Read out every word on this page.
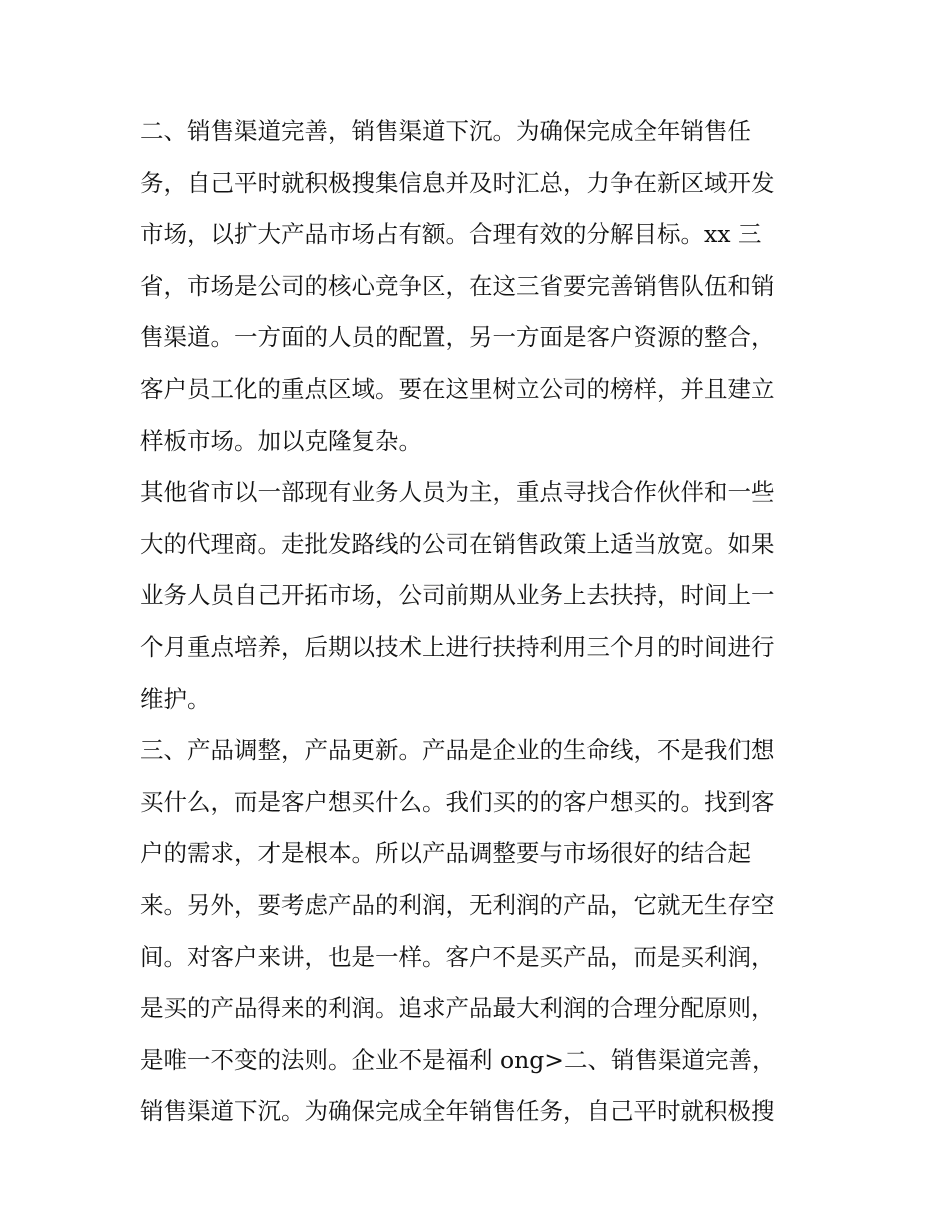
二、销售渠道完善，销售渠道下沉。为确保完成全年销售任
务，自己平时就积极搜集信息并及时汇总，力争在新区域开发
市场，以扩大产品市场占有额。合理有效的分解目标。xx 三
省，市场是公司的核心竞争区，在这三省要完善销售队伍和销
售渠道。一方面的人员的配置，另一方面是客户资源的整合，
客户员工化的重点区域。要在这里树立公司的榜样，并且建立
样板市场。加以克隆复杂。
其他省市以一部现有业务人员为主，重点寻找合作伙伴和一些
大的代理商。走批发路线的公司在销售政策上适当放宽。如果
业务人员自己开拓市场，公司前期从业务上去扶持，时间上一
个月重点培养，后期以技术上进行扶持利用三个月的时间进行
维护。
三、产品调整，产品更新。产品是企业的生命线，不是我们想
买什么，而是客户想买什么。我们买的的客户想买的。找到客
户的需求，才是根本。所以产品调整要与市场很好的结合起
来。另外，要考虑产品的利润，无利润的产品，它就无生存空
间。对客户来讲，也是一样。客户不是买产品，而是买利润，
是买的产品得来的利润。追求产品最大利润的合理分配原则，
是唯一不变的法则。企业不是福利 ong>二、销售渠道完善，
销售渠道下沉。为确保完成全年销售任务，自己平时就积极搜
